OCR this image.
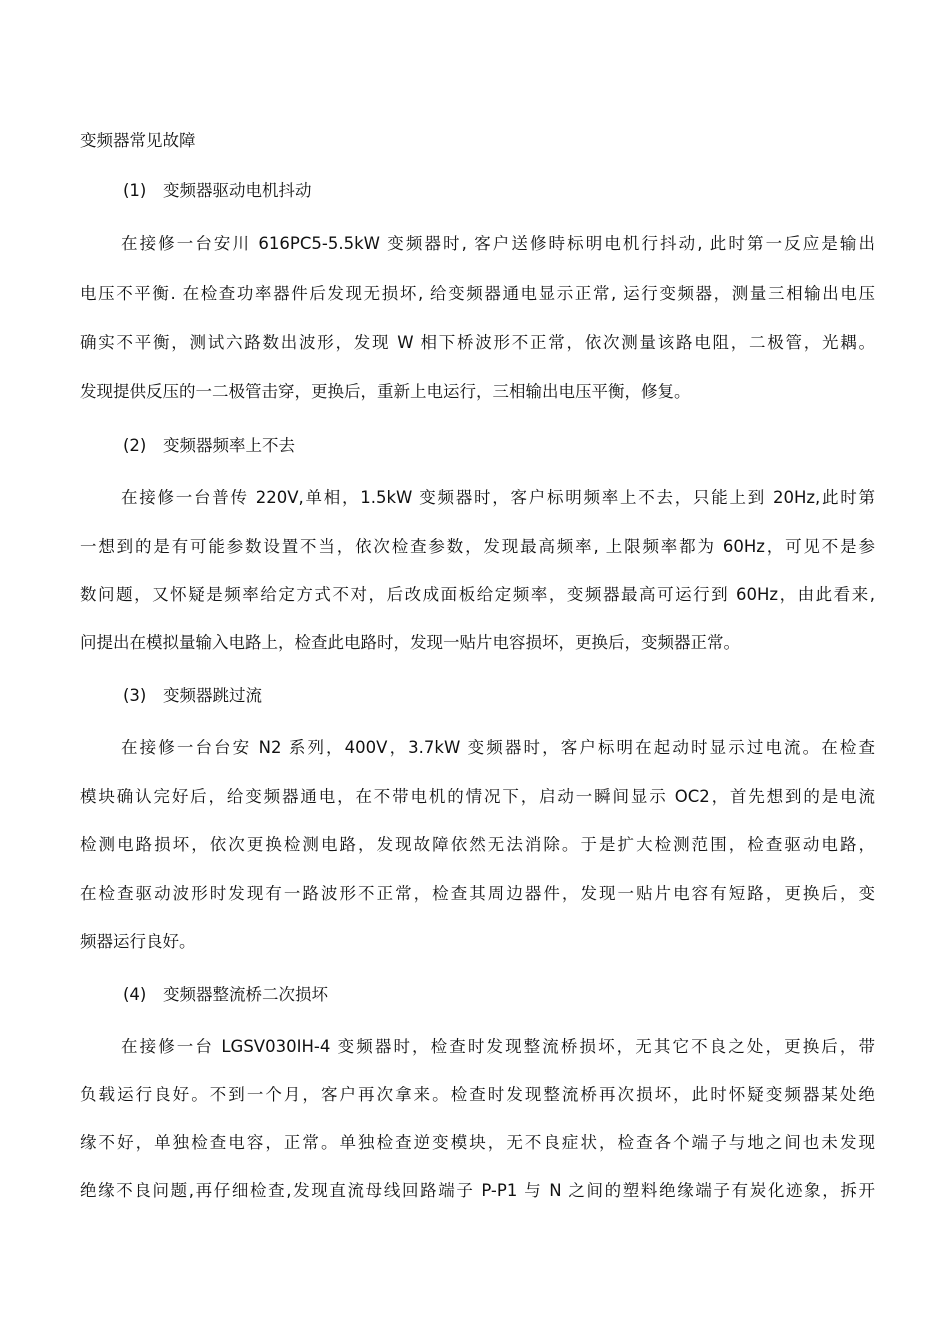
变频器常见故障
(1) 变频器驱动电机抖动
在接修一台安川 616PC5-5.5kW 变频器时, 客户送修時标明电机行抖动, 此时第一反应是输出
电压不平衡. 在检查功率器件后发现无损坏, 给变频器通电显示正常, 运行变频器，测量三相输出电压
确实不平衡，测试六路数出波形，发现 W 相下桥波形不正常，依次测量该路电阻，二极管，光耦。
发现提供反压的一二极管击穿，更换后，重新上电运行，三相输出电压平衡，修复。
(2) 变频器频率上不去
在接修一台普传 220V,单相，1.5kW 变频器时，客户标明频率上不去，只能上到 20Hz,此时第
一想到的是有可能参数设置不当，依次检查参数，发现最高频率, 上限频率都为 60Hz，可见不是参
数问题，又怀疑是频率给定方式不对，后改成面板给定频率，变频器最高可运行到 60Hz，由此看来,
问提出在模拟量输入电路上，检查此电路时，发现一贴片电容损坏，更换后，变频器正常。
(3) 变频器跳过流
在接修一台台安 N2 系列，400V，3.7kW 变频器时，客户标明在起动时显示过电流。在检查
模块确认完好后，给变频器通电，在不带电机的情况下，启动一瞬间显示 OC2，首先想到的是电流
检测电路损坏，依次更换检测电路，发现故障依然无法消除。于是扩大检测范围，检查驱动电路，
在检查驱动波形时发现有一路波形不正常，检查其周边器件，发现一贴片电容有短路，更换后，变
频器运行良好。
(4) 变频器整流桥二次损坏
在接修一台 LGSV030IH-4 变频器时，检查时发现整流桥损坏，无其它不良之处，更换后，带
负载运行良好。不到一个月，客户再次拿来。检查时发现整流桥再次损坏，此时怀疑变频器某处绝
缘不好，单独检查电容，正常。单独检查逆变模块，无不良症状，检查各个端子与地之间也未发现
绝缘不良问题,再仔细检查,发现直流母线回路端子 P-P1 与 N 之间的塑料绝缘端子有炭化迹象，拆开
